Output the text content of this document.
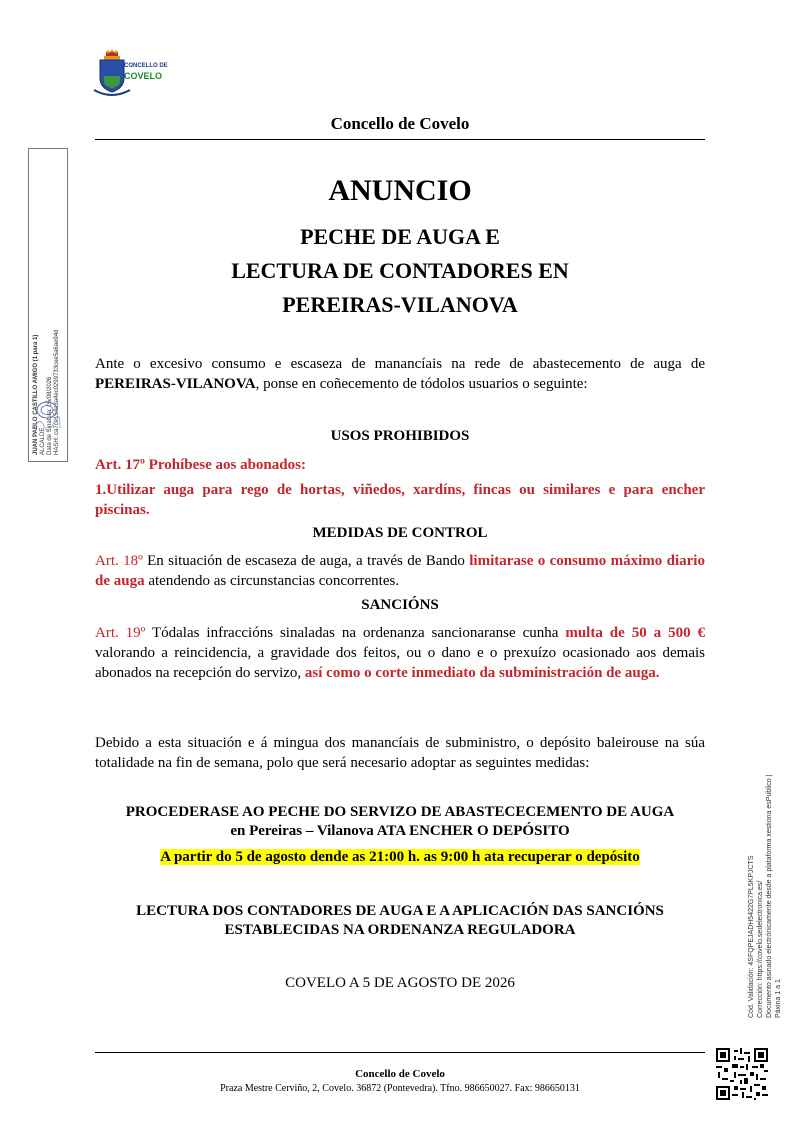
CONCELLO DE
COVELO
Concello de Covelo
JUAN PABLO CASTILLO AMIGO (1 para 1) ALCALDE Data de Sinatura: 05/08/2026 HASH: ca7ce154a3a4ec0299733cee5a6ae94d
ANUNCIO
PECHE DE AUGA E
LECTURA DE CONTADORES EN
PEREIRAS-VILANOVA
Ante o excesivo consumo e escaseza de manancíais na rede de abastecemento de auga de PEREIRAS-VILANOVA, ponse en coñecemento de tódolos usuarios o seguinte:
USOS PROHIBIDOS
Art. 17º Prohíbese aos abonados:
1.Utilizar auga para rego de hortas, viñedos, xardíns, fincas ou similares e para encher piscinas.
MEDIDAS DE CONTROL
Art. 18º En situación de escaseza de auga, a través de Bando limitarase o consumo máximo diario de auga atendendo as circunstancias concorrentes.
SANCIÓNS
Art. 19º Tódalas infraccións sinaladas na ordenanza sancionaranse cunha multa de 50 a 500 € valorando a reincidencia, a gravidade dos feitos, ou o dano e o prexuízo ocasionado aos demais abonados na recepción do servizo, así como o corte inmediato da subministración de auga.
Debido a esta situación e á mingua dos manancíais de subministro, o depósito baleirouse na súa totalidade na fin de semana, polo que será necesario adoptar as seguintes medidas:
PROCEDERASE AO PECHE DO SERVIZO DE ABASTECECEMENTO DE AUGA
en Pereiras – Vilanova ATA ENCHER O DEPÓSITO
A partir do 5 de agosto dende as 21:00 h. as 9:00 h ata recuperar o depósito
LECTURA DOS CONTADORES DE AUGA E A APLICACIÓN DAS SANCIÓNS
ESTABLECIDAS NA ORDENANZA REGULADORA
COVELO A 5 DE AGOSTO DE 2026	Cód. Validación: 4SFQPEJADH5422G7PL5KPJCTS Corrección: https://covelo.sedelectronica.es/ Documento asinado electrónicamente desde a plataforma xestiona esPublico | Páxina 1 a 1
Concello de Covelo
Praza Mestre Cerviño, 2, Covelo. 36872 (Pontevedra). Tfno. 986650027. Fax: 986650131
